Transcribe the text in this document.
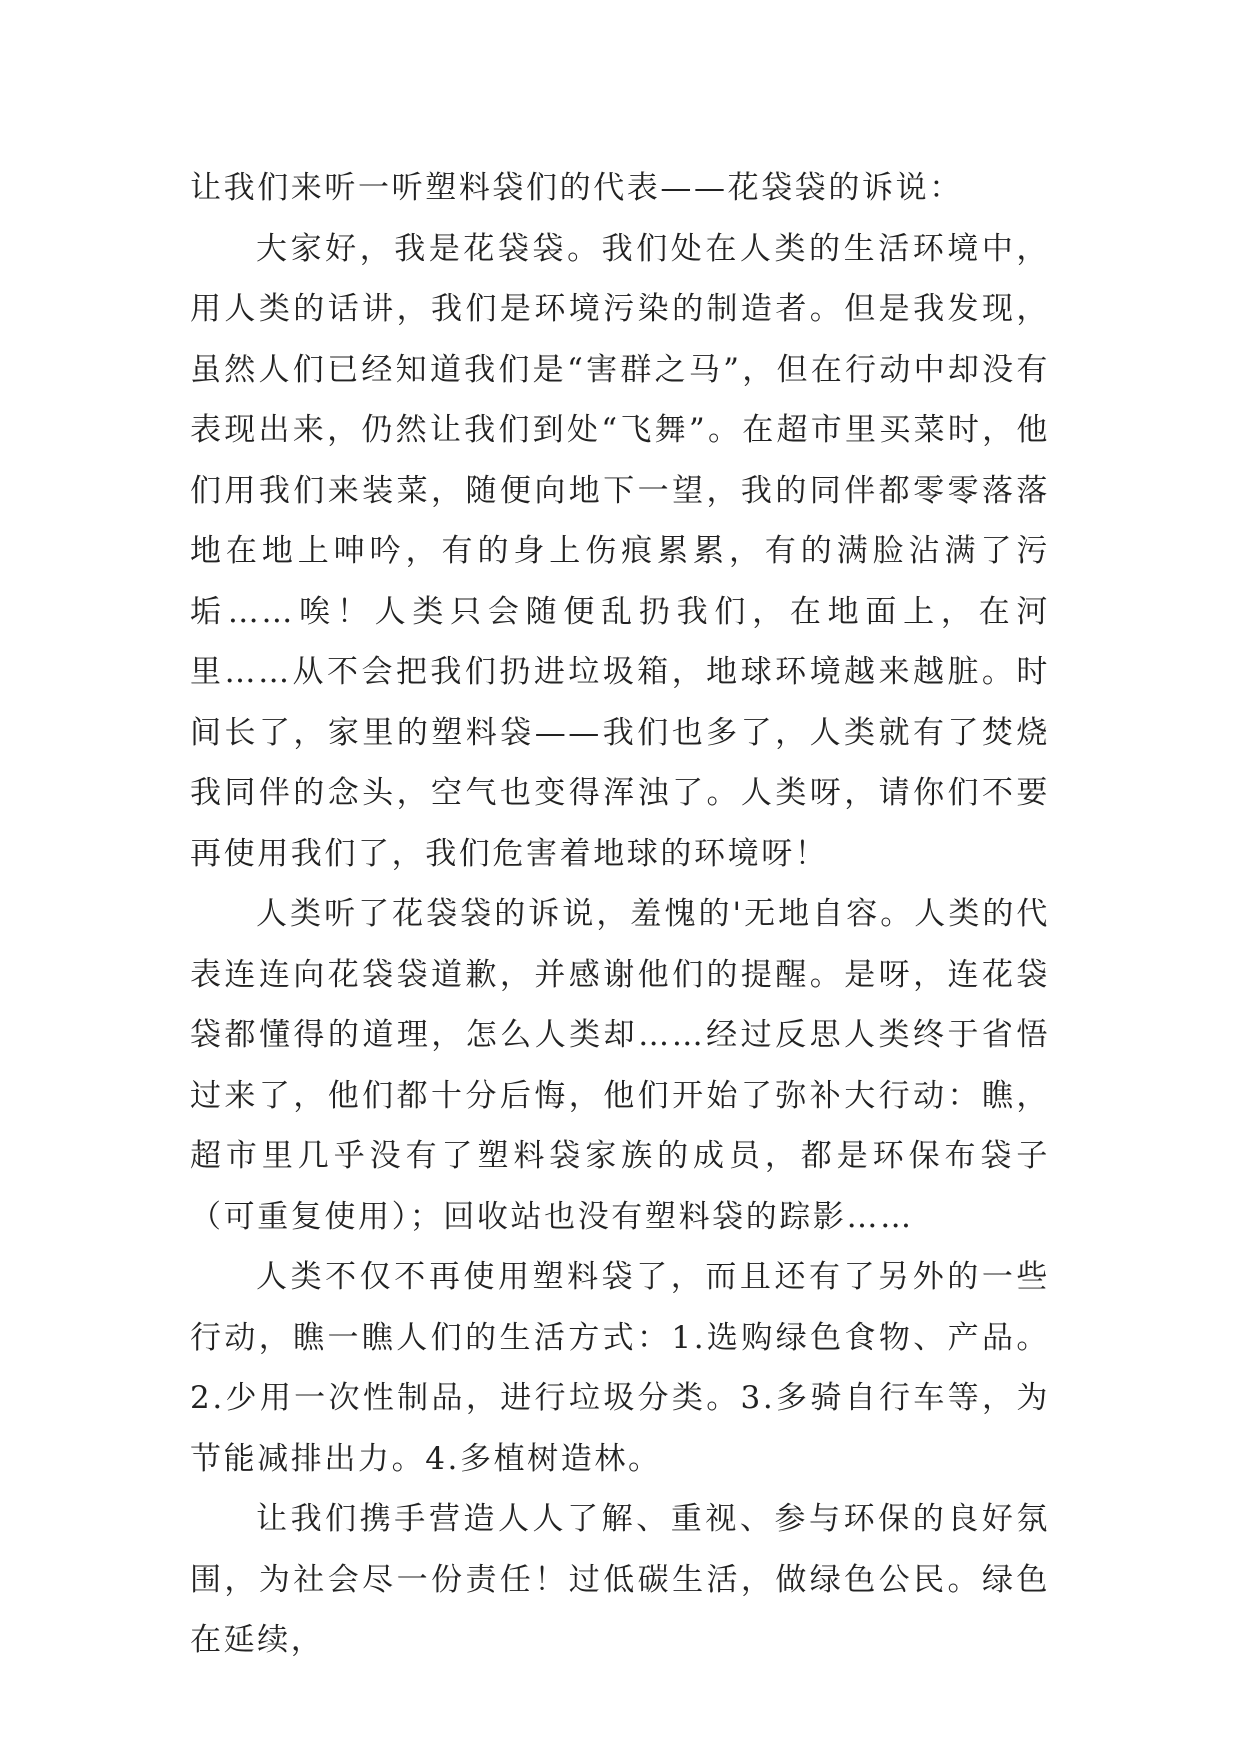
让我们来听一听塑料袋们的代表——花袋袋的诉说：

大家好，我是花袋袋。我们处在人类的生活环境中，用人类的话讲，我们是环境污染的制造者。但是我发现，虽然人们已经知道我们是“害群之马”，但在行动中却没有表现出来，仍然让我们到处“飞舞”。在超市里买菜时，他们用我们来装菜，随便向地下一望，我的同伴都零零落落地在地上呻吟，有的身上伤痕累累，有的满脸沾满了污垢……唉！人类只会随便乱扔我们，在地面上，在河里……从不会把我们扔进垃圾箱，地球环境越来越脏。时间长了，家里的塑料袋——我们也多了，人类就有了焚烧我同伴的念头，空气也变得浑浊了。人类呀，请你们不要再使用我们了，我们危害着地球的环境呀！

人类听了花袋袋的诉说，羞愧的'无地自容。人类的代表连连向花袋袋道歉，并感谢他们的提醒。是呀，连花袋袋都懂得的道理，怎么人类却……经过反思人类终于省悟过来了，他们都十分后悔，他们开始了弥补大行动：瞧，超市里几乎没有了塑料袋家族的成员，都是环保布袋子（可重复使用）；回收站也没有塑料袋的踪影……

人类不仅不再使用塑料袋了，而且还有了另外的一些行动，瞧一瞧人们的生活方式：1.选购绿色食物、产品。2.少用一次性制品，进行垃圾分类。3.多骑自行车等，为节能减排出力。4.多植树造林。

让我们携手营造人人了解、重视、参与环保的良好氛围，为社会尽一份责任！过低碳生活，做绿色公民。绿色在延续，
